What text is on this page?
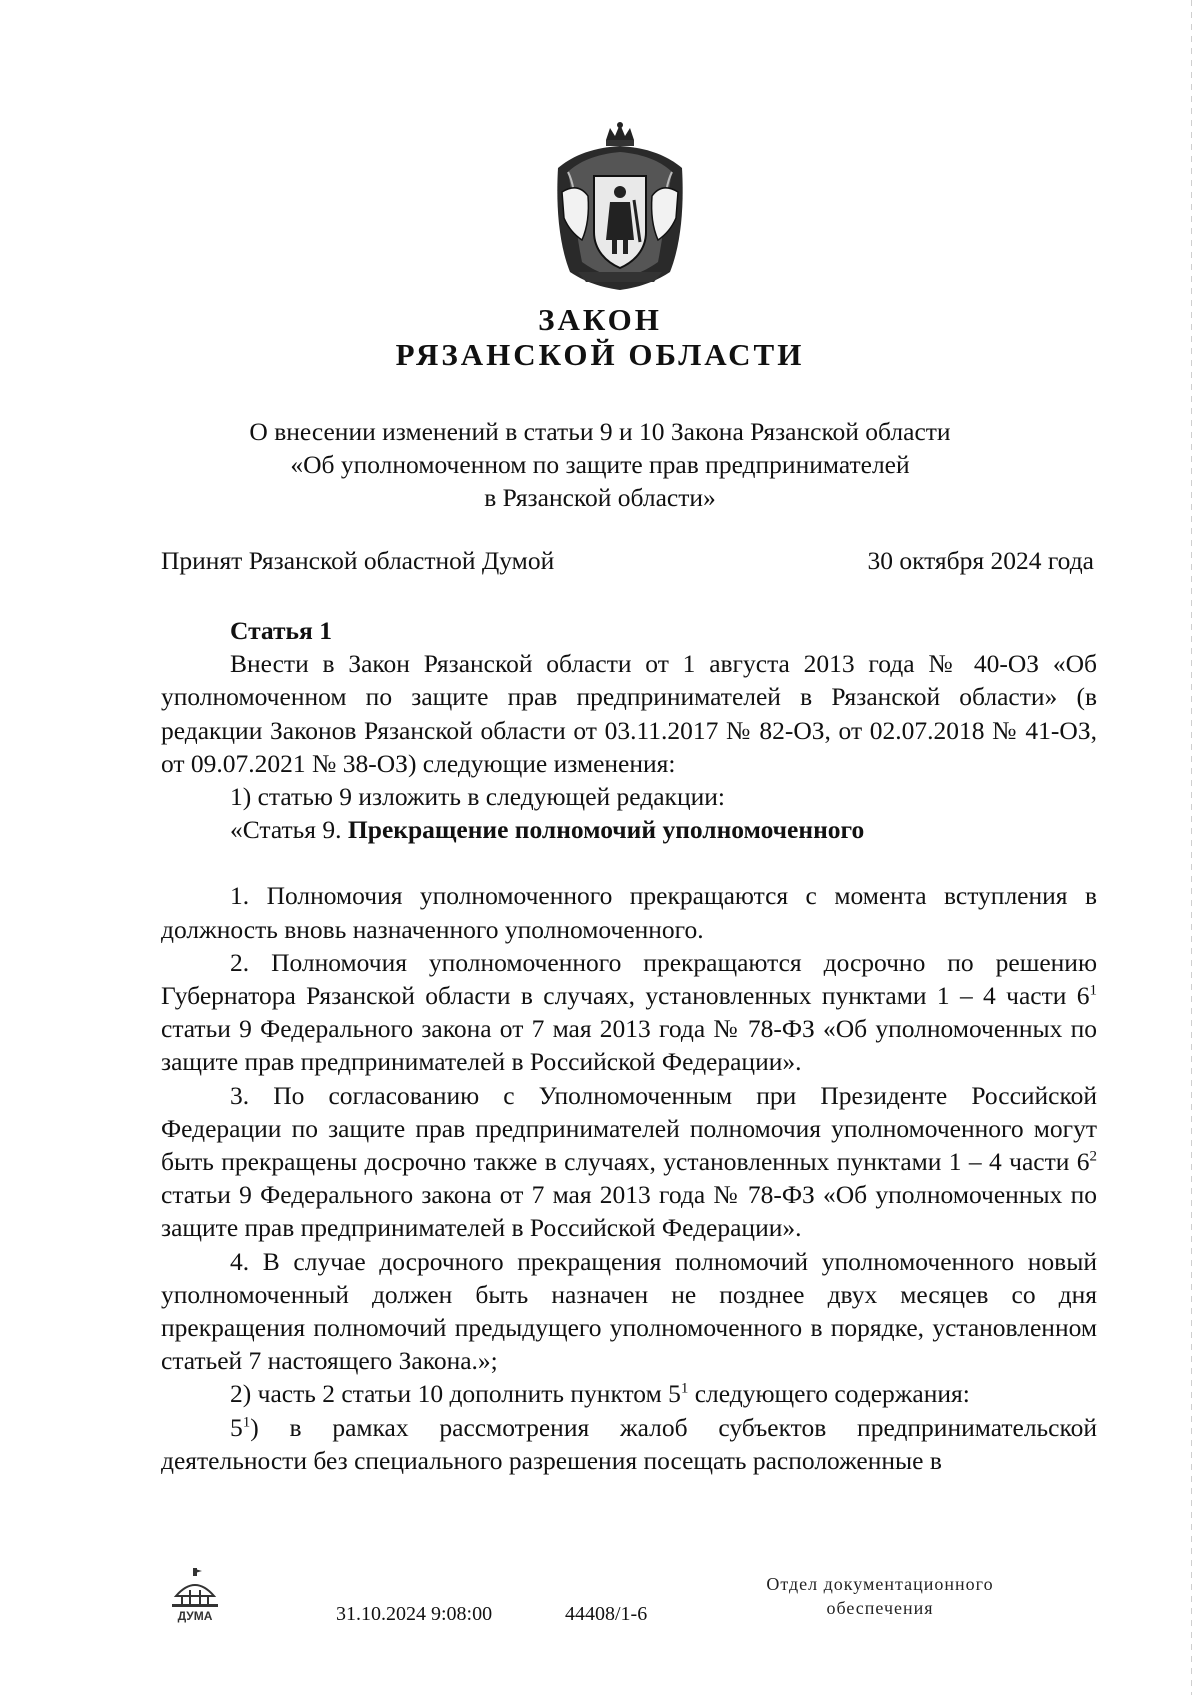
ЗАКОН
РЯЗАНСКОЙ ОБЛАСТИ
О внесении изменений в статьи 9 и 10 Закона Рязанской области
«Об уполномоченном по защите прав предпринимателей
в Рязанской области»
Принят Рязанской областной Думой	30 октября 2024 года

Статья 1

Внести в Закон Рязанской области от 1 августа 2013 года № 40-ОЗ «Об уполномоченном по защите прав предпринимателей в Рязанской области» (в редакции Законов Рязанской области от 03.11.2017 № 82-ОЗ, от 02.07.2018 № 41-ОЗ, от 09.07.2021 № 38-ОЗ) следующие изменения:

1) статью 9 изложить в следующей редакции:

«Статья 9. Прекращение полномочий уполномоченного

1. Полномочия уполномоченного прекращаются с момента вступления в должность вновь назначенного уполномоченного.

2. Полномочия уполномоченного прекращаются досрочно по решению Губернатора Рязанской области в случаях, установленных пунктами 1 – 4 части $6^1$ статьи 9 Федерального закона от 7 мая 2013 года № 78-ФЗ «Об уполномоченных по защите прав предпринимателей в Российской Федерации».

3. По согласованию с Уполномоченным при Президенте Российской Федерации по защите прав предпринимателей полномочия уполномоченного могут быть прекращены досрочно также в случаях, установленных пунктами 1 – 4 части $6^2$ статьи 9 Федерального закона от 7 мая 2013 года № 78-ФЗ «Об уполномоченных по защите прав предпринимателей в Российской Федерации».

4. В случае досрочного прекращения полномочий уполномоченного новый уполномоченный должен быть назначен не позднее двух месяцев со дня прекращения полномочий предыдущего уполномоченного в порядке, установленном статьей 7 настоящего Закона.»;

2) часть 2 статьи 10 дополнить пунктом $5^1$ следующего содержания:

$5^1$) в рамках рассмотрения жалоб субъектов предпринимательской деятельности без специального разрешения посещать расположенные в

ДУМА	31.10.2024 9:08:00	44408/1-6
Отдел документационного
обеспечения
